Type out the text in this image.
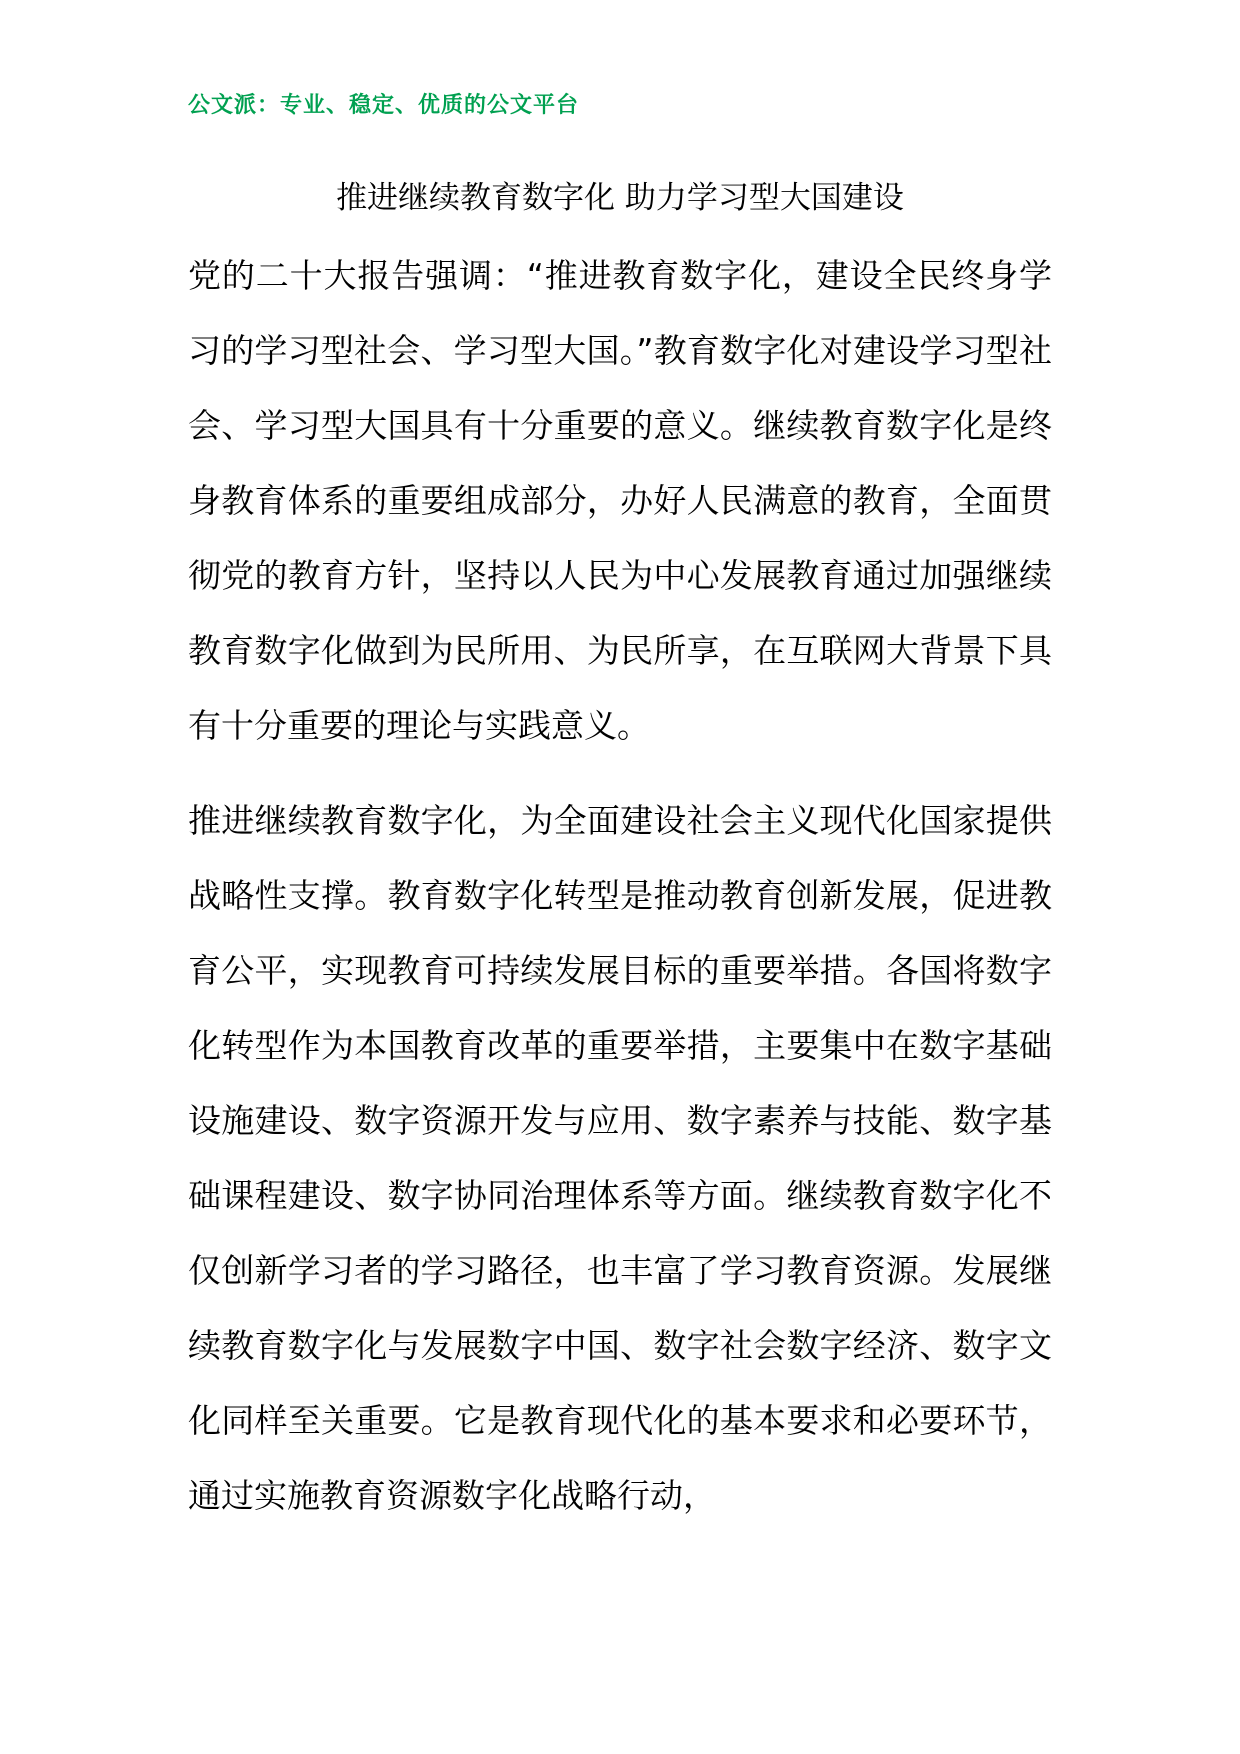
公文派：专业、稳定、优质的公文平台
推进继续教育数字化 助力学习型大国建设

党的二十大报告强调：“推进教育数字化，建设全民终身学习的学习型社会、学习型大国。”教育数字化对建设学习型社会、学习型大国具有十分重要的意义。继续教育数字化是终身教育体系的重要组成部分，办好人民满意的教育，全面贯彻党的教育方针，坚持以人民为中心发展教育通过加强继续教育数字化做到为民所用、为民所享，在互联网大背景下具有十分重要的理论与实践意义。

推进继续教育数字化，为全面建设社会主义现代化国家提供战略性支撑。教育数字化转型是推动教育创新发展，促进教育公平，实现教育可持续发展目标的重要举措。各国将数字化转型作为本国教育改革的重要举措，主要集中在数字基础设施建设、数字资源开发与应用、数字素养与技能、数字基础课程建设、数字协同治理体系等方面。继续教育数字化不仅创新学习者的学习路径，也丰富了学习教育资源。发展继续教育数字化与发展数字中国、数字社会数字经济、数字文化同样至关重要。它是教育现代化的基本要求和必要环节，通过实施教育资源数字化战略行动，
